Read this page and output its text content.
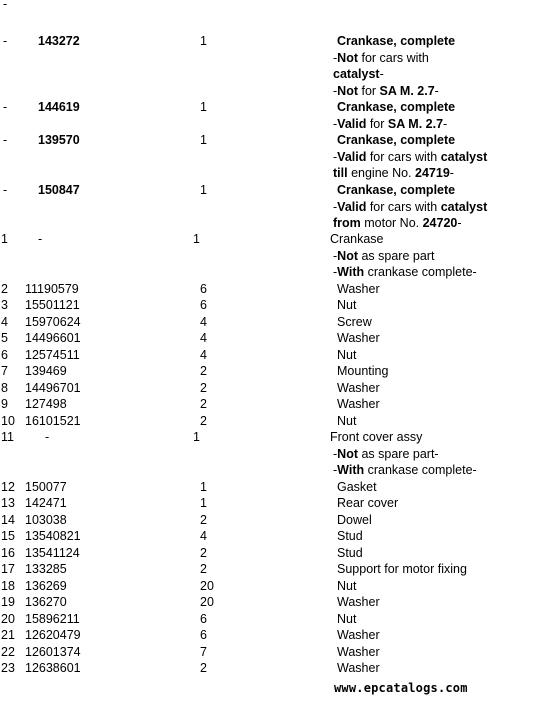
- 143272	1	Crankase, complete
-Not for cars with
catalyst-
-Not for SA M. 2.7-
- 144619	1	Crankase, complete
-Valid for SA M. 2.7-
- 139570	1	Crankase, complete
-Valid for cars with catalyst
till engine No. 24719-
- 150847	1	Crankase, complete
-Valid for cars with catalyst
from motor No. 24720-
1 -	1	Crankase
-Not as spare part
-With crankase complete-
2 11190579	6	Washer
3 15501121	6	Nut
4 15970624	4	Screw
5 14496601	4	Washer
6 12574511	4	Nut
7 139469	2	Mounting
8 14496701	2	Washer
9 127498	2	Washer
10 16101521	2	Nut
11 -	1	Front cover assy
-Not as spare part-
-With crankase complete-
12 150077	1	Gasket
13 142471	1	Rear cover
14 103038	2	Dowel
15 13540821	4	Stud
16 13541124	2	Stud
17 133285	2	Support for motor fixing
18 136269	20	Nut
19 136270	20	Washer
20 15896211	6	Nut
21 12620479	6	Washer
22 12601374	7	Washer
23 12638601	2	Washer
-
www.epcatalogs.com
